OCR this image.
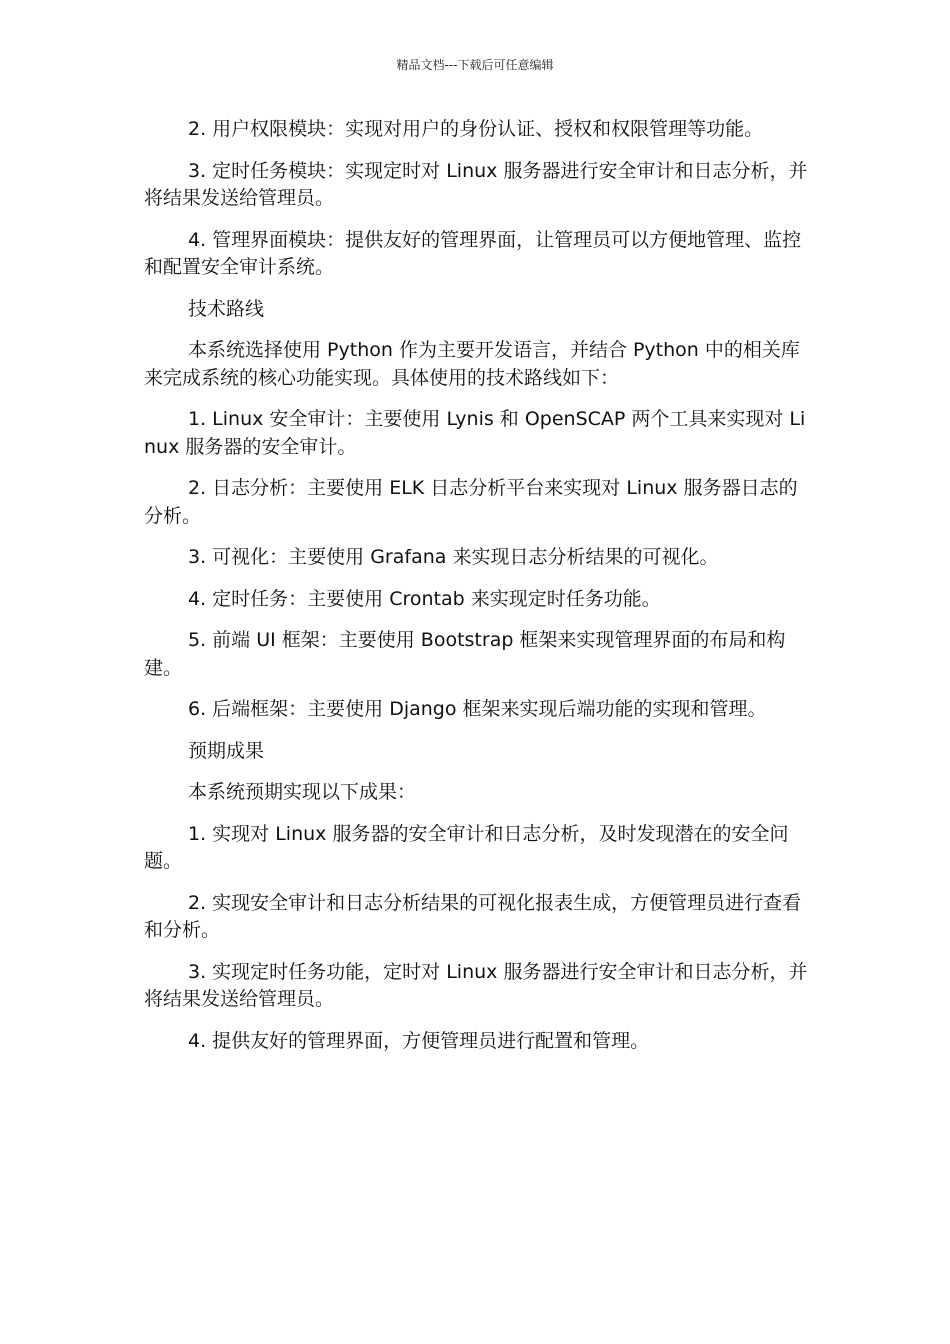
精品文档---下载后可任意编辑

2. 用户权限模块：实现对用户的身份认证、授权和权限管理等功能。

3. 定时任务模块：实现定时对 Linux 服务器进行安全审计和日志分析，并将结果发送给管理员。

4. 管理界面模块：提供友好的管理界面，让管理员可以方便地管理、监控和配置安全审计系统。

技术路线

本系统选择使用 Python 作为主要开发语言，并结合 Python 中的相关库来完成系统的核心功能实现。具体使用的技术路线如下：

1. Linux 安全审计：主要使用 Lynis 和 OpenSCAP 两个工具来实现对 Linux 服务器的安全审计。

2. 日志分析：主要使用 ELK 日志分析平台来实现对 Linux 服务器日志的分析。

3. 可视化：主要使用 Grafana 来实现日志分析结果的可视化。

4. 定时任务：主要使用 Crontab 来实现定时任务功能。

5. 前端 UI 框架：主要使用 Bootstrap 框架来实现管理界面的布局和构建。

6. 后端框架：主要使用 Django 框架来实现后端功能的实现和管理。

预期成果

本系统预期实现以下成果：

1. 实现对 Linux 服务器的安全审计和日志分析，及时发现潜在的安全问题。

2. 实现安全审计和日志分析结果的可视化报表生成，方便管理员进行查看和分析。

3. 实现定时任务功能，定时对 Linux 服务器进行安全审计和日志分析，并将结果发送给管理员。

4. 提供友好的管理界面，方便管理员进行配置和管理。
